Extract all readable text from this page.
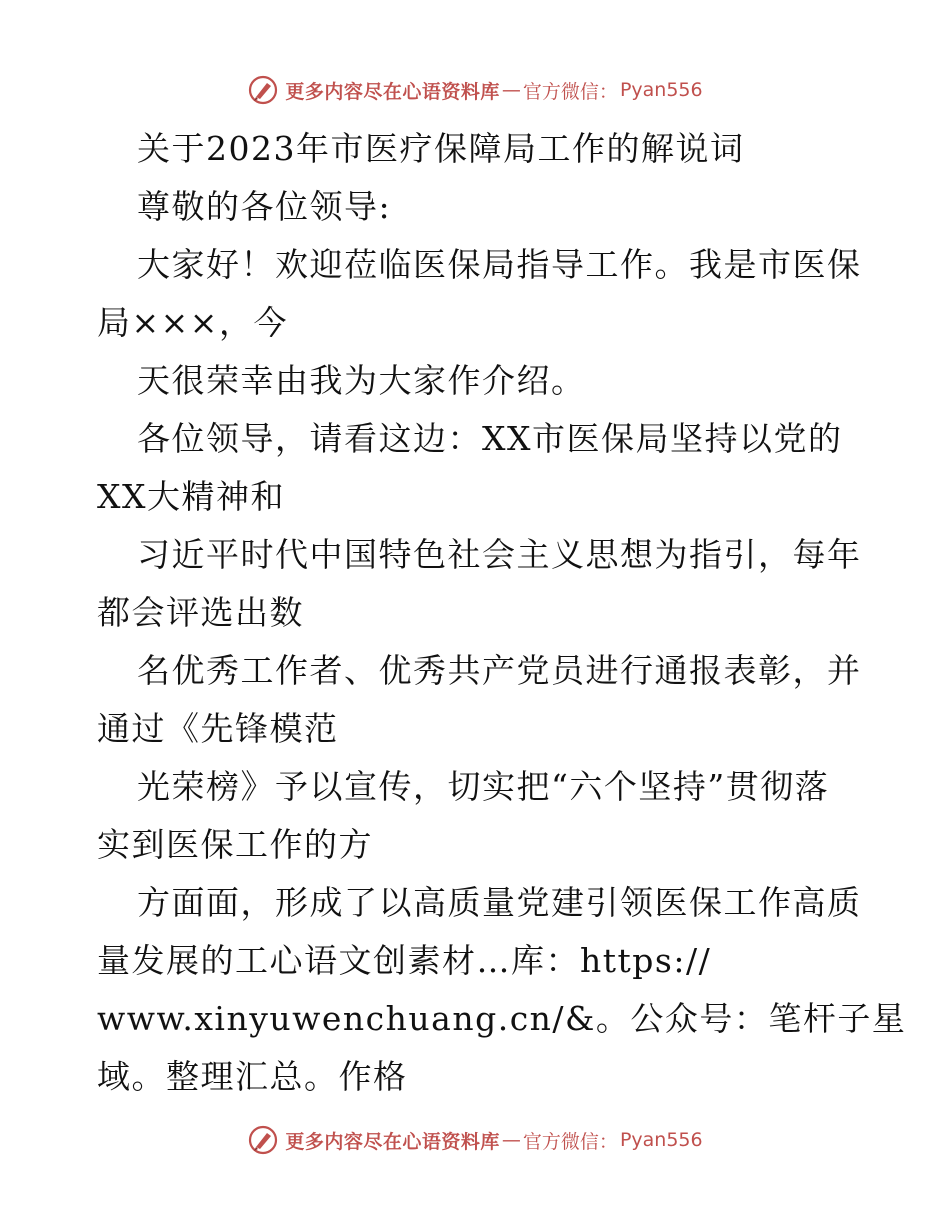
更多内容尽在心语资料库 — 官方微信： Pyan556
关于2023年市医疗保障局工作的解说词
尊敬的各位领导:
大家好！欢迎莅临医保局指导工作。我是市医保
局×××，今
天很荣幸由我为大家作介绍。
各位领导，请看这边：XX市医保局坚持以党的
XX大精神和
习近平时代中国特色社会主义思想为指引，每年
都会评选出数
名优秀工作者、优秀共产党员进行通报表彰，并
通过《先锋模范
光荣榜》予以宣传，切实把“六个坚持”贯彻落
实到医保工作的方
方面面，形成了以高质量党建引领医保工作高质
量发展的工心语文创素材…库：https://
www.xinyuwenchuang.cn/&。公众号：笔杆子星
域。整理汇总。作格
更多内容尽在心语资料库 — 官方微信： Pyan556
